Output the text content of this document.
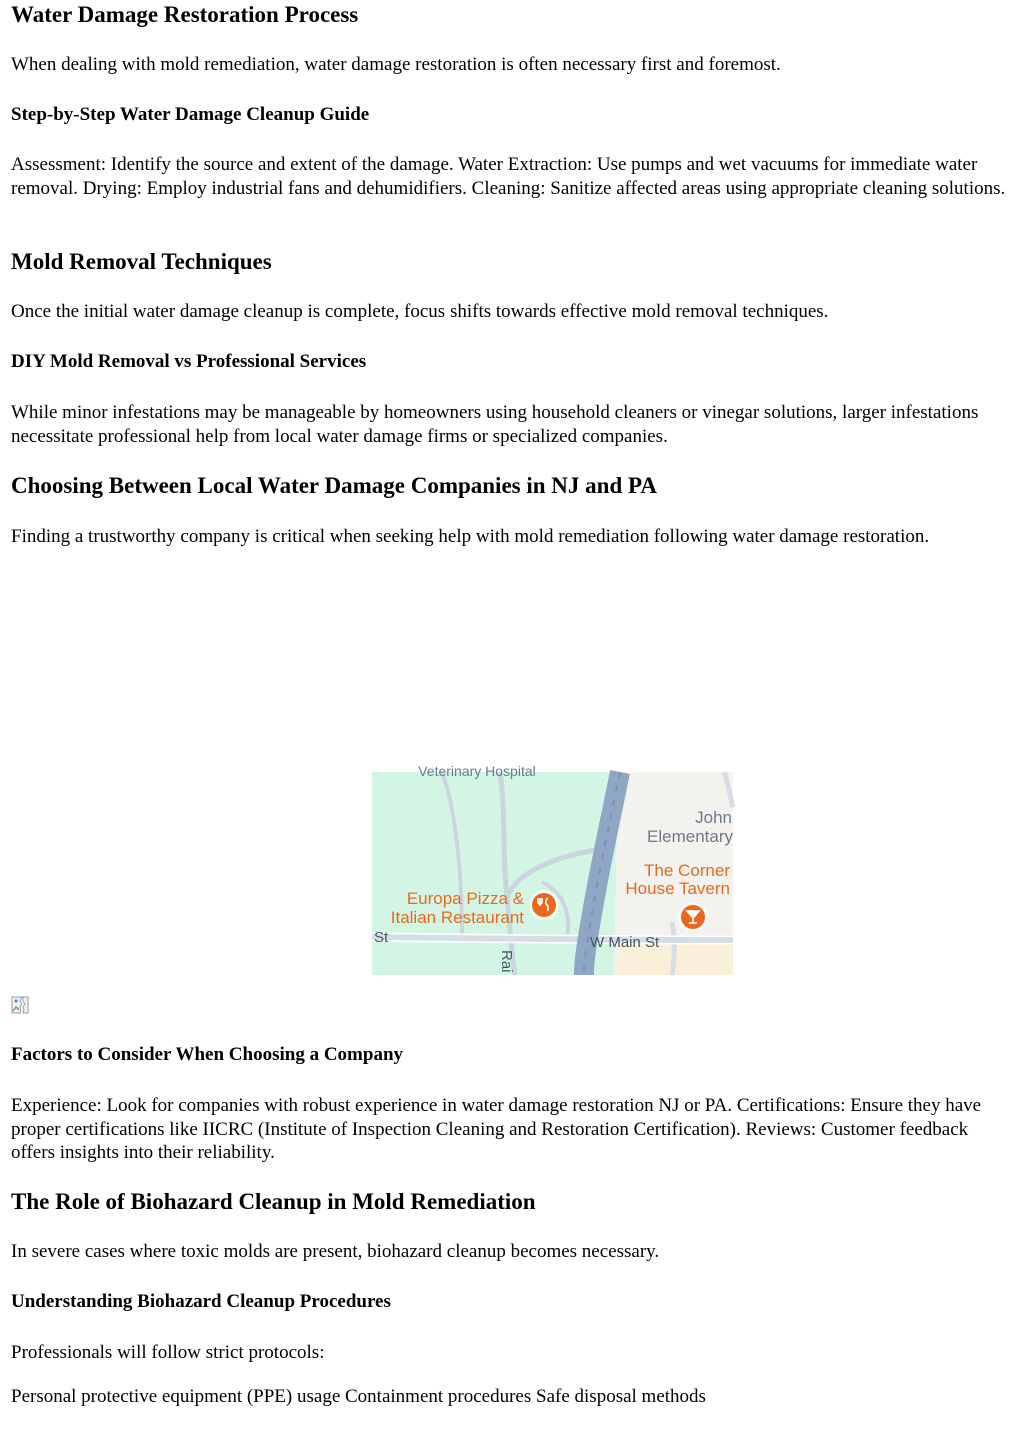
Water Damage Restoration Process

When dealing with mold remediation, water damage restoration is often necessary first and foremost.

Step-by-Step Water Damage Cleanup Guide

Assessment: Identify the source and extent of the damage. Water Extraction: Use pumps and wet vacuums for immediate water removal. Drying: Employ industrial fans and dehumidifiers. Cleaning: Sanitize affected areas using appropriate cleaning solutions.

Mold Removal Techniques

Once the initial water damage cleanup is complete, focus shifts towards effective mold removal techniques.

DIY Mold Removal vs Professional Services

While minor infestations may be manageable by homeowners using household cleaners or vinegar solutions, larger infestations necessitate professional help from local water damage firms or specialized companies.

Choosing Between Local Water Damage Companies in NJ and PA

Finding a trustworthy company is critical when seeking help with mold remediation following water damage restoration.

Veterinary Hospital
John
Elementary
The Corner
House Tavern
Europa Pizza &
Italian Restaurant
St	W Main St
Rai
Factors to Consider When Choosing a Company

Experience: Look for companies with robust experience in water damage restoration NJ or PA. Certifications: Ensure they have proper certifications like IICRC (Institute of Inspection Cleaning and Restoration Certification). Reviews: Customer feedback offers insights into their reliability.

The Role of Biohazard Cleanup in Mold Remediation

In severe cases where toxic molds are present, biohazard cleanup becomes necessary.

Understanding Biohazard Cleanup Procedures

Professionals will follow strict protocols:

Personal protective equipment (PPE) usage Containment procedures Safe disposal methods
